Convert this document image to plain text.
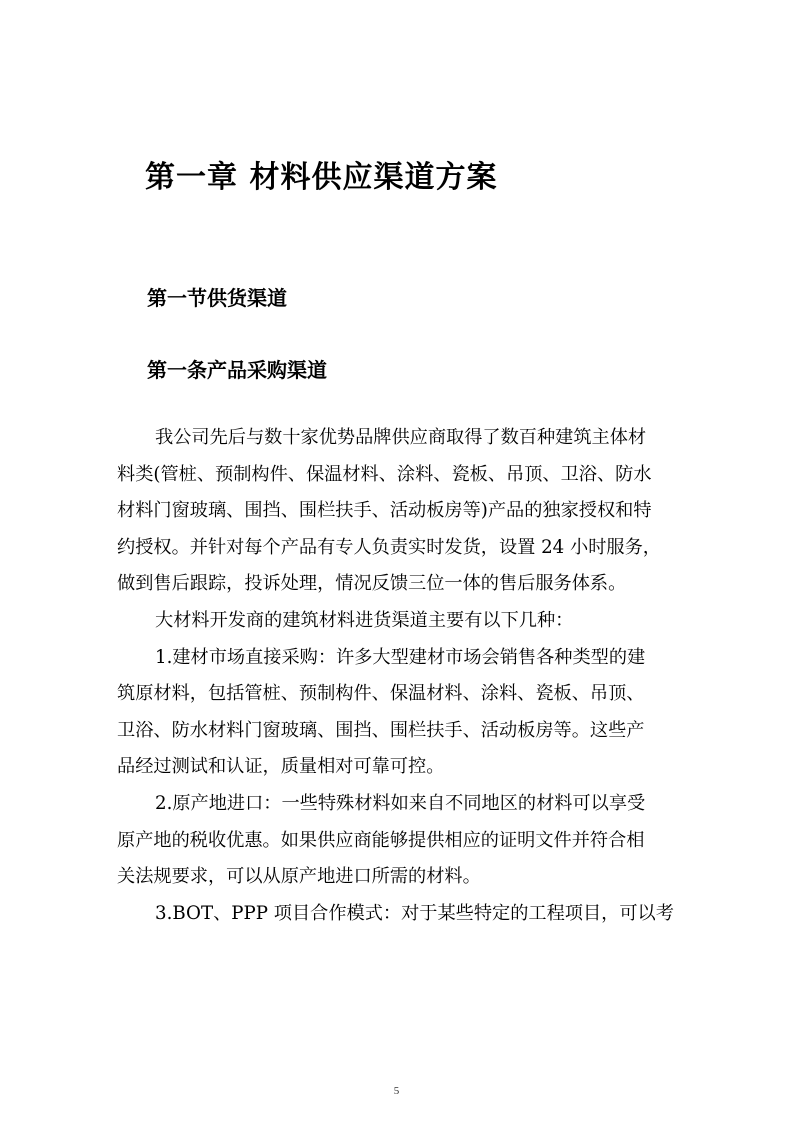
第一章 材料供应渠道方案
第一节供货渠道
第一条产品采购渠道
我公司先后与数十家优势品牌供应商取得了数百种建筑主体材
料类(管桩、预制构件、保温材料、涂料、瓷板、吊顶、卫浴、防水
材料门窗玻璃、围挡、围栏扶手、活动板房等)产品的独家授权和特
约授权。并针对每个产品有专人负责实时发货，设置 24 小时服务，
做到售后跟踪，投诉处理，情况反馈三位一体的售后服务体系。
大材料开发商的建筑材料进货渠道主要有以下几种：
1.建材市场直接采购：许多大型建材市场会销售各种类型的建
筑原材料，包括管桩、预制构件、保温材料、涂料、瓷板、吊顶、
卫浴、防水材料门窗玻璃、围挡、围栏扶手、活动板房等。这些产
品经过测试和认证，质量相对可靠可控。
2.原产地进口：一些特殊材料如来自不同地区的材料可以享受
原产地的税收优惠。如果供应商能够提供相应的证明文件并符合相
关法规要求，可以从原产地进口所需的材料。
3.BOT、PPP 项目合作模式：对于某些特定的工程项目，可以考
5
